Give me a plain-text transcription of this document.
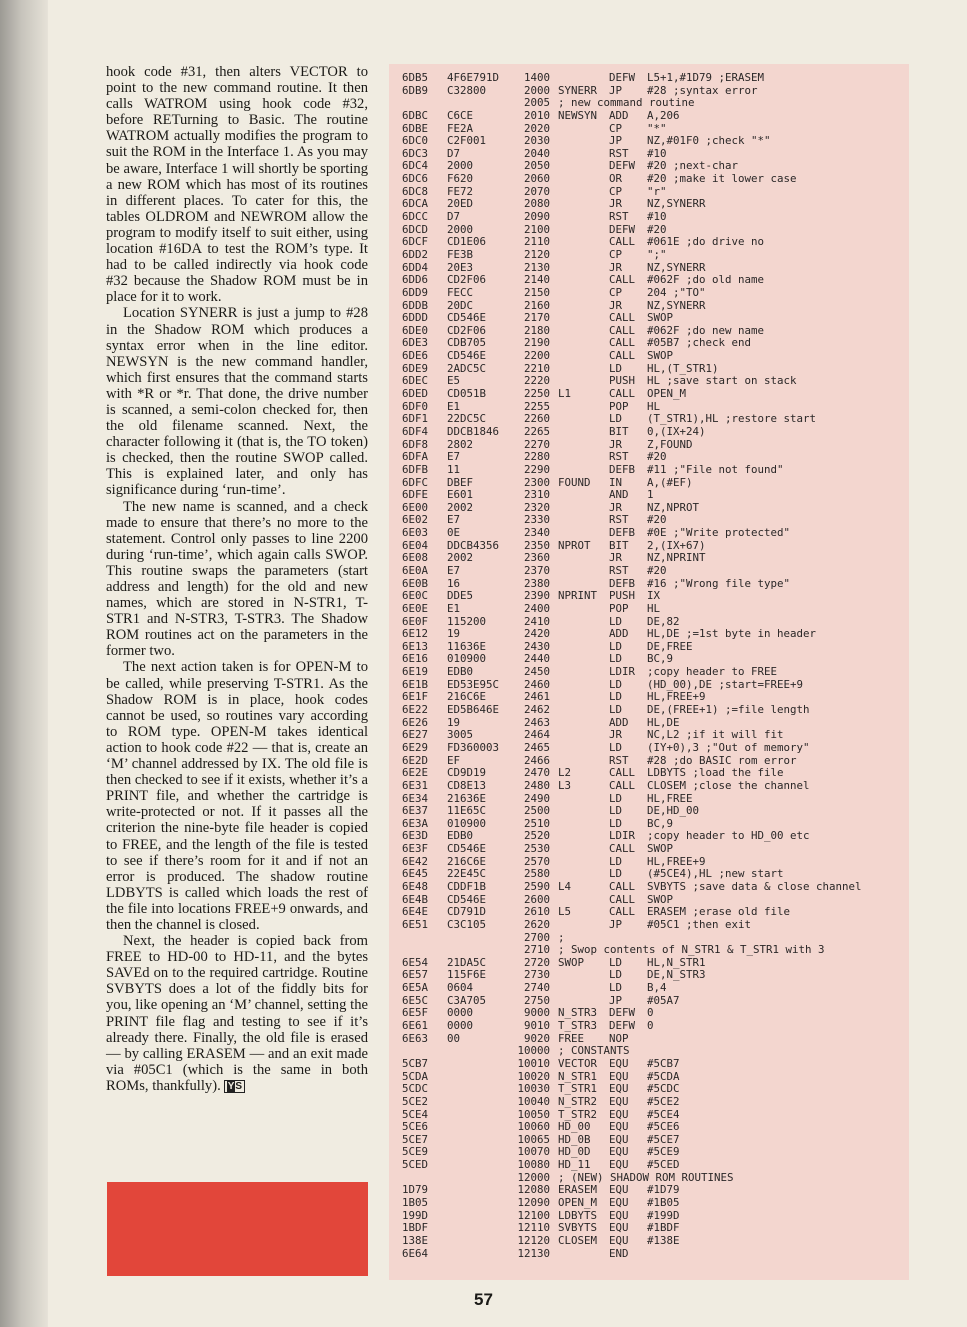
hook code #31, then alters VECTOR to point to the new command routine. It then calls WATROM using hook code #32, before RETurning to Basic. The routine WATROM actually modifies the program to suit the ROM in the Interface 1. As you may be aware, Interface 1 will shortly be sporting a new ROM which has most of its routines in different places. To cater for this, the tables OLDROM and NEWROM allow the program to modify itself to suit either, using location #16DA to test the ROM’s type. It had to be called indirectly via hook code #32 because the Shadow ROM must be in place for it to work.

Location SYNERR is just a jump to #28 in the Shadow ROM which produces a syntax error when in the line editor. NEWSYN is the new command handler, which first ensures that the command starts with *R or *r. That done, the drive number is scanned, a semi-colon checked for, then the old filename scanned. Next, the character following it (that is, the TO token) is checked, then the routine SWOP called. This is explained later, and only has significance during ‘run-time’.

The new name is scanned, and a check made to ensure that there’s no more to the statement. Control only passes to line 2200 during ‘run-time’, which again calls SWOP. This routine swaps the parameters (start address and length) for the old and new names, which are stored in N-STR1, T-STR1 and N-STR3, T-STR3. The Shadow ROM routines act on the parameters in the former two.

The next action taken is for OPEN-M to be called, while preserving T-STR1. As the Shadow ROM is in place, hook codes cannot be used, so routines vary according to ROM type. OPEN-M takes identical action to hook code #22 — that is, create an ‘M’ channel addressed by IX. The old file is then checked to see if it exists, whether it’s a PRINT file, and whether the cartridge is write-protected or not. If it passes all the criterion the nine-byte file header is copied to FREE, and the length of the file is tested to see if there’s room for it and if not an error is produced. The shadow routine LDBYTS is called which loads the rest of the file into locations FREE+9 onwards, and then the channel is closed.

Next, the header is copied back from FREE to HD-00 to HD-11, and the bytes SAVEd on to the required cartridge. Routine SVBYTS does a lot of the fiddly bits for you, like opening an ‘M’ channel, setting the PRINT file flag and testing to see if it’s already there. Finally, the old file is erased — by calling ERASEM — and an exit made via #05C1 (which is the same in both ROMs, thankfully). YS

6DB5 4F6E791D	1400	DEFW L5+1,#1D79 ;ERASEM
6DB9 C32800	2000 SYNERR JP #28 ;syntax error
2005 ; new command routine
6DBC C6CE	2010 NEWSYN ADD A,206
6DBE FE2A	2020	CP "*"
6DC0 C2F001	2030	JP NZ,#01F0 ;check "*"
6DC3 D7	2040	RST #10
6DC4 2000	2050	DEFW #20 ;next-char
6DC6 F620	2060	OR #20 ;make it lower case
6DC8 FE72	2070	CP "r"
6DCA 20ED	2080	JR NZ,SYNERR
6DCC D7	2090	RST #10
6DCD 2000	2100	DEFW #20
6DCF CD1E06	2110	CALL #061E ;do drive no
6DD2 FE3B	2120	CP ";"
6DD4 20E3	2130	JR NZ,SYNERR
6DD6 CD2F06	2140	CALL #062F ;do old name
6DD9 FECC	2150	CP 204 ;"TO"
6DDB 20DC	2160	JR NZ,SYNERR
6DDD CD546E	2170	CALL SWOP
6DE0 CD2F06	2180	CALL #062F ;do new name
6DE3 CDB705	2190	CALL #05B7 ;check end
6DE6 CD546E	2200	CALL SWOP
6DE9 2ADC5C	2210	LD HL,(T_STR1)
6DEC E5	2220	PUSH HL ;save start on stack
6DED CD051B	2250 L1	CALL OPEN_M
6DF0 E1	2255	POP HL
6DF1 22DC5C	2260	LD (T_STR1),HL ;restore start
6DF4 DDCB1846	2265	BIT 0,(IX+24)
6DF8 2802	2270	JR Z,FOUND
6DFA E7	2280	RST #20
6DFB 11	2290	DEFB #11 ;"File not found"
6DFC DBEF	2300 FOUND IN A,(#EF)
6DFE E601	2310	AND 1
6E00 2002	2320	JR NZ,NPROT
6E02 E7	2330	RST #20
6E03 0E	2340	DEFB #0E ;"Write protected"
6E04 DDCB4356	2350 NPROT BIT 2,(IX+67)
6E08 2002	2360	JR NZ,NPRINT
6E0A E7	2370	RST #20
6E0B 16	2380	DEFB #16 ;"Wrong file type"
6E0C DDE5	2390 NPRINT PUSH IX
6E0E E1	2400	POP HL
6E0F 115200	2410	LD DE,82
6E12 19	2420	ADD HL,DE ;=1st byte in header
6E13 11636E	2430	LD DE,FREE
6E16 010900	2440	LD BC,9
6E19 EDB0	2450	LDIR ;copy header to FREE
6E1B ED53E95C	2460	LD (HD_00),DE ;start=FREE+9
6E1F 216C6E	2461	LD HL,FREE+9
6E22 ED5B646E	2462	LD DE,(FREE+1) ;=file length
6E26 19	2463	ADD HL,DE
6E27 3005	2464	JR NC,L2 ;if it will fit
6E29 FD360003	2465	LD (IY+0),3 ;"Out of memory"
6E2D EF	2466	RST #28 ;do BASIC rom error
6E2E CD9D19	2470 L2	CALL LDBYTS ;load the file
6E31 CD8E13	2480 L3	CALL CLOSEM ;close the channel
6E34 21636E	2490	LD HL,FREE
6E37 11E65C	2500	LD DE,HD_00
6E3A 010900	2510	LD BC,9
6E3D EDB0	2520	LDIR ;copy header to HD_00 etc
6E3F CD546E	2530	CALL SWOP
6E42 216C6E	2570	LD HL,FREE+9
6E45 22E45C	2580	LD (#5CE4),HL ;new start
6E48 CDDF1B	2590 L4	CALL SVBYTS ;save data & close channel
6E4B CD546E	2600	CALL SWOP
6E4E CD791D	2610 L5	CALL ERASEM ;erase old file
6E51 C3C105	2620	JP #05C1 ;then exit
2700 ;
2710 ; Swop contents of N_STR1 & T_STR1 with 3
6E54 21DA5C	2720 SWOP LD HL,N_STR1
6E57 115F6E	2730	LD DE,N_STR3
6E5A 0604	2740	LD B,4
6E5C C3A705	2750	JP #05A7
6E5F 0000	9000 N_STR3 DEFW 0
6E61 0000	9010 T_STR3 DEFW 0
6E63 00	9020 FREE NOP
10000 ; CONSTANTS
5CB7	10010 VECTOR EQU #5CB7
5CDA	10020 N_STR1 EQU #5CDA
5CDC	10030 T_STR1 EQU #5CDC
5CE2	10040 N_STR2 EQU #5CE2
5CE4	10050 T_STR2 EQU #5CE4
5CE6	10060 HD_00 EQU #5CE6
5CE7	10065 HD_0B EQU #5CE7
5CE9	10070 HD_0D EQU #5CE9
5CED	10080 HD_11 EQU #5CED
12000 ; (NEW) SHADOW ROM ROUTINES
1D79	12080 ERASEM EQU #1D79
1B05	12090 OPEN_M EQU #1B05
199D	12100 LDBYTS EQU #199D
1BDF	12110 SVBYTS EQU #1BDF
138E	12120 CLOSEM EQU #138E
6E64	12130	END
57
